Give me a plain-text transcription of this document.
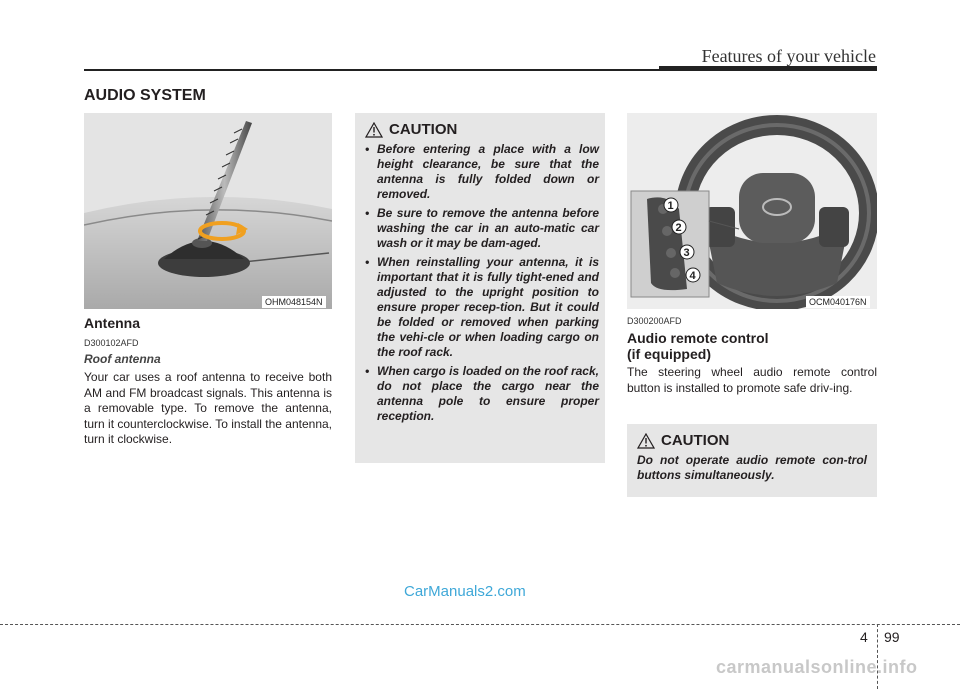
Features of your vehicle
AUDIO SYSTEM
OHM048154N
Antenna
D300102AFD
Roof antenna
Your car uses a roof antenna to receive both AM and FM broadcast signals. This antenna is a removable type. To remove the antenna, turn it counterclockwise. To install the antenna, turn it clockwise.
CAUTION
• Before entering a place with a low height clearance, be sure that the antenna is fully folded down or removed.
• Be sure to remove the antenna before washing the car in an auto-matic car wash or it may be dam-aged.
• When reinstalling your antenna, it is important that it is fully tight-ened and adjusted to the upright position to ensure proper recep-tion. But it could be folded or removed when parking the vehi-cle or when loading cargo on the roof rack.
• When cargo is loaded on the roof rack, do not place the cargo near the antenna pole to ensure proper reception.
1
2
3
4
OCM040176N
D300200AFD
Audio remote control
(if equipped)
The steering wheel audio remote control button is installed to promote safe driv-ing.
CAUTION
Do not operate audio remote con-trol buttons simultaneously.
CarManuals2.com
4 99
carmanualsonline.info
